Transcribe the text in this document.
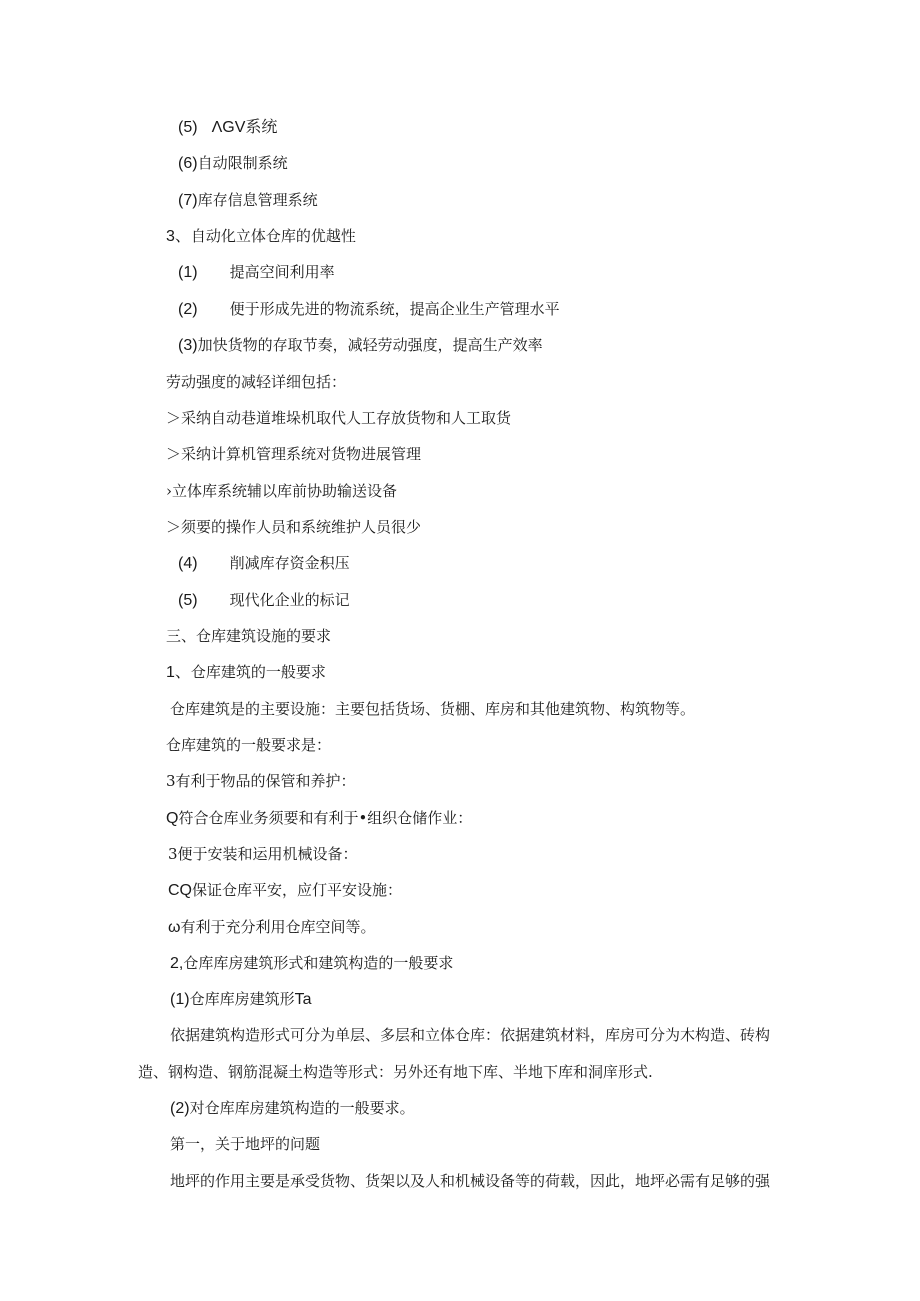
(5) ΛGV系统
(6)自动限制系统
(7)库存信息管理系统
3、自动化立体仓库的优越性
(1) 提高空间利用率
(2) 便于形成先进的物流系统，提高企业生产管理水平
(3)加快货物的存取节奏，减轻劳动强度，提高生产效率
劳动强度的减轻详细包括：
＞采纳自动巷道堆垛机取代人工存放货物和人工取货
＞采纳计算机管理系统对货物进展管理
›立体库系统辅以库前协助输送设备
＞须要的操作人员和系统维护人员很少
(4) 削减库存资金积压
(5) 现代化企业的标记
三、仓库建筑设施的要求
1、仓库建筑的一般要求
仓库建筑是的主要设施：主要包括货场、货棚、库房和其他建筑物、构筑物等。
仓库建筑的一般要求是：
3有利于物品的保管和养护：
Q符合仓库业务须要和有利于•组织仓储作业：
3便于安装和运用机械设备：
CQ保证仓库平安，应仃平安设施：
ω有利于充分利用仓库空间等。
2,仓库库房建筑形式和建筑构造的一般要求
(1)仓库库房建筑形Ta
依据建筑构造形式可分为单层、多层和立体仓库：依据建筑材料，库房可分为木构造、砖构
造、钢构造、钢筋混凝土构造等形式：另外还有地下库、半地下库和洞庠形式.
(2)对仓库库房建筑构造的一般要求。
第一，关于地坪的问题
地坪的作用主要是承受货物、货架以及人和机械设备等的荷载，因此，地坪必需有足够的强
